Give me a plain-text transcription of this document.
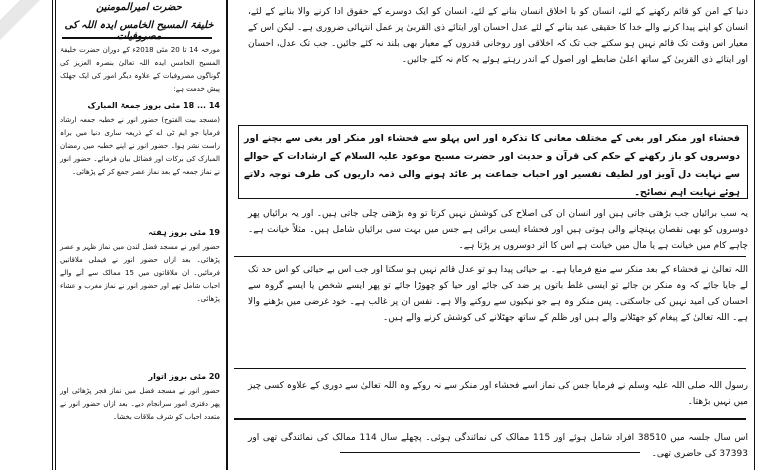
حضرت امیرالمومنین
خلیفۃ المسیح الخامس ایدہ اللہ کی
مورخہ 14 تا 20 مئی 2018ء کے دوران حضرت خلیفۃ المسیح الخامس ایدہ اللہ تعالیٰ بنصرہ العزیز کی گوناگوں مصروفیات کے علاوہ دیگر امور کی ایک جھلک پیش خدمت ہے:
14 ... 18 مئی بروز جمعۃ المبارک
(مسجد بیت الفتوح) حضور انور نے خطبہ جمعہ ارشاد فرمایا جو ایم ٹی اے کے ذریعہ ساری دنیا میں براہ راست نشر ہوا۔ حضور انور نے اپنے خطبہ میں رمضان المبارک کی برکات اور فضائل بیان فرمائے۔ حضور انور نے نماز جمعہ کے بعد نماز عصر جمع کر کے پڑھائی۔
19 مئی بروز ہفتہ
حضور انور نے مسجد فضل لندن میں نماز ظہر و عصر پڑھائی۔ بعد ازاں حضور انور نے فیملی ملاقاتیں فرمائیں۔ ان ملاقاتوں میں 15 ممالک سے آنے والے احباب شامل تھے اور حضور انور نے نماز مغرب و عشاء پڑھائی۔
20 مئی بروز اتوار
حضور انور نے مسجد فضل میں نماز فجر پڑھائی اور پھر دفتری امور سرانجام دیے۔ بعد ازاں حضور انور نے متعدد احباب کو شرف ملاقات بخشا۔
دنیا کے امن کو قائم رکھنے کے لئے، انسان کو با اخلاق انسان بنانے کے لئے، انسان کو ایک دوسرے کے حقوق ادا کرنے والا بنانے کے لئے، انسان کو اپنے پیدا کرنے والے خدا کا حقیقی عبد بنانے کے لئے عدل احسان اور ایتائے ذی القربیٰ پر عمل انتہائی ضروری ہے۔ لیکن اس کے معیار اس وقت تک قائم نہیں ہو سکتے جب تک کہ اخلاقی اور روحانی قدروں کے معیار بھی بلند نہ کئے جائیں۔ جب تک عدل، احسان اور ایتائے ذی القربیٰ کے ساتھ اعلیٰ ضابطے اور اصول کے اندر رہتے ہوئے یہ کام نہ کئے جائیں۔
فحشاء اور منکر اور بغی کے مختلف معانی کا تذکرہ اور اس پہلو سے فحشاء اور منکر اور بغی سے بچنے اور دوسروں کو باز رکھنے کے حکم کی قرآن و حدیث اور حضرت مسیح موعود علیہ السلام کے ارشادات کے حوالے سے نہایت دل آویز اور لطیف تفسیر اور احباب جماعت پر عائد ہونے والی ذمہ داریوں کی طرف توجہ دلاتے ہوئے نہایت اہم نصائح۔
یہ سب برائیاں جب بڑھتی جاتی ہیں اور انسان ان کی اصلاح کی کوشش نہیں کرتا تو وہ بڑھتی چلی جاتی ہیں۔ اور یہ برائیاں پھر دوسروں کو بھی نقصان پہنچانے والی ہوتی ہیں اور فحشاء ایسی برائی ہے جس میں بہت سی برائیاں شامل ہیں۔ مثلاً خیانت ہے۔ چاہے کام میں خیانت ہے یا مال میں خیانت ہے اس کا اثر دوسروں پر پڑتا ہے۔
اللہ تعالیٰ نے فحشاء کے بعد منکر سے منع فرمایا ہے۔ بے حیائی پیدا ہو تو عدل قائم نہیں ہو سکتا اور جب اس بے حیائی کو اس حد تک لے جایا جائے کہ وہ منکر بن جائے تو ایسی غلط باتوں پر ضد کی جائے اور حیا کو چھوڑا جائے تو پھر ایسے شخص یا ایسے گروہ سے احسان کی امید نہیں کی جاسکتی۔ پس منکر وہ ہے جو نیکیوں سے روکنے والا ہے۔ نفس ان پر غالب ہے۔ خود غرضی میں بڑھنے والا ہے۔ اللہ تعالیٰ کے پیغام کو جھٹلانے والے ہیں اور ظلم کے ساتھ جھٹلانے کی کوشش کرنے والے ہیں۔
رسول اللہ صلی اللہ علیہ وسلم نے فرمایا جس کی نماز اسے فحشاء اور منکر سے نہ روکے وہ اللہ تعالیٰ سے دوری کے علاوہ کسی چیز میں نہیں بڑھتا۔
اس سال جلسہ میں 38510 افراد شامل ہوئے اور 115 ممالک کی نمائندگی ہوئی۔ پچھلے سال 114 ممالک کی نمائندگی تھی اور 37393 کی حاضری تھی۔
